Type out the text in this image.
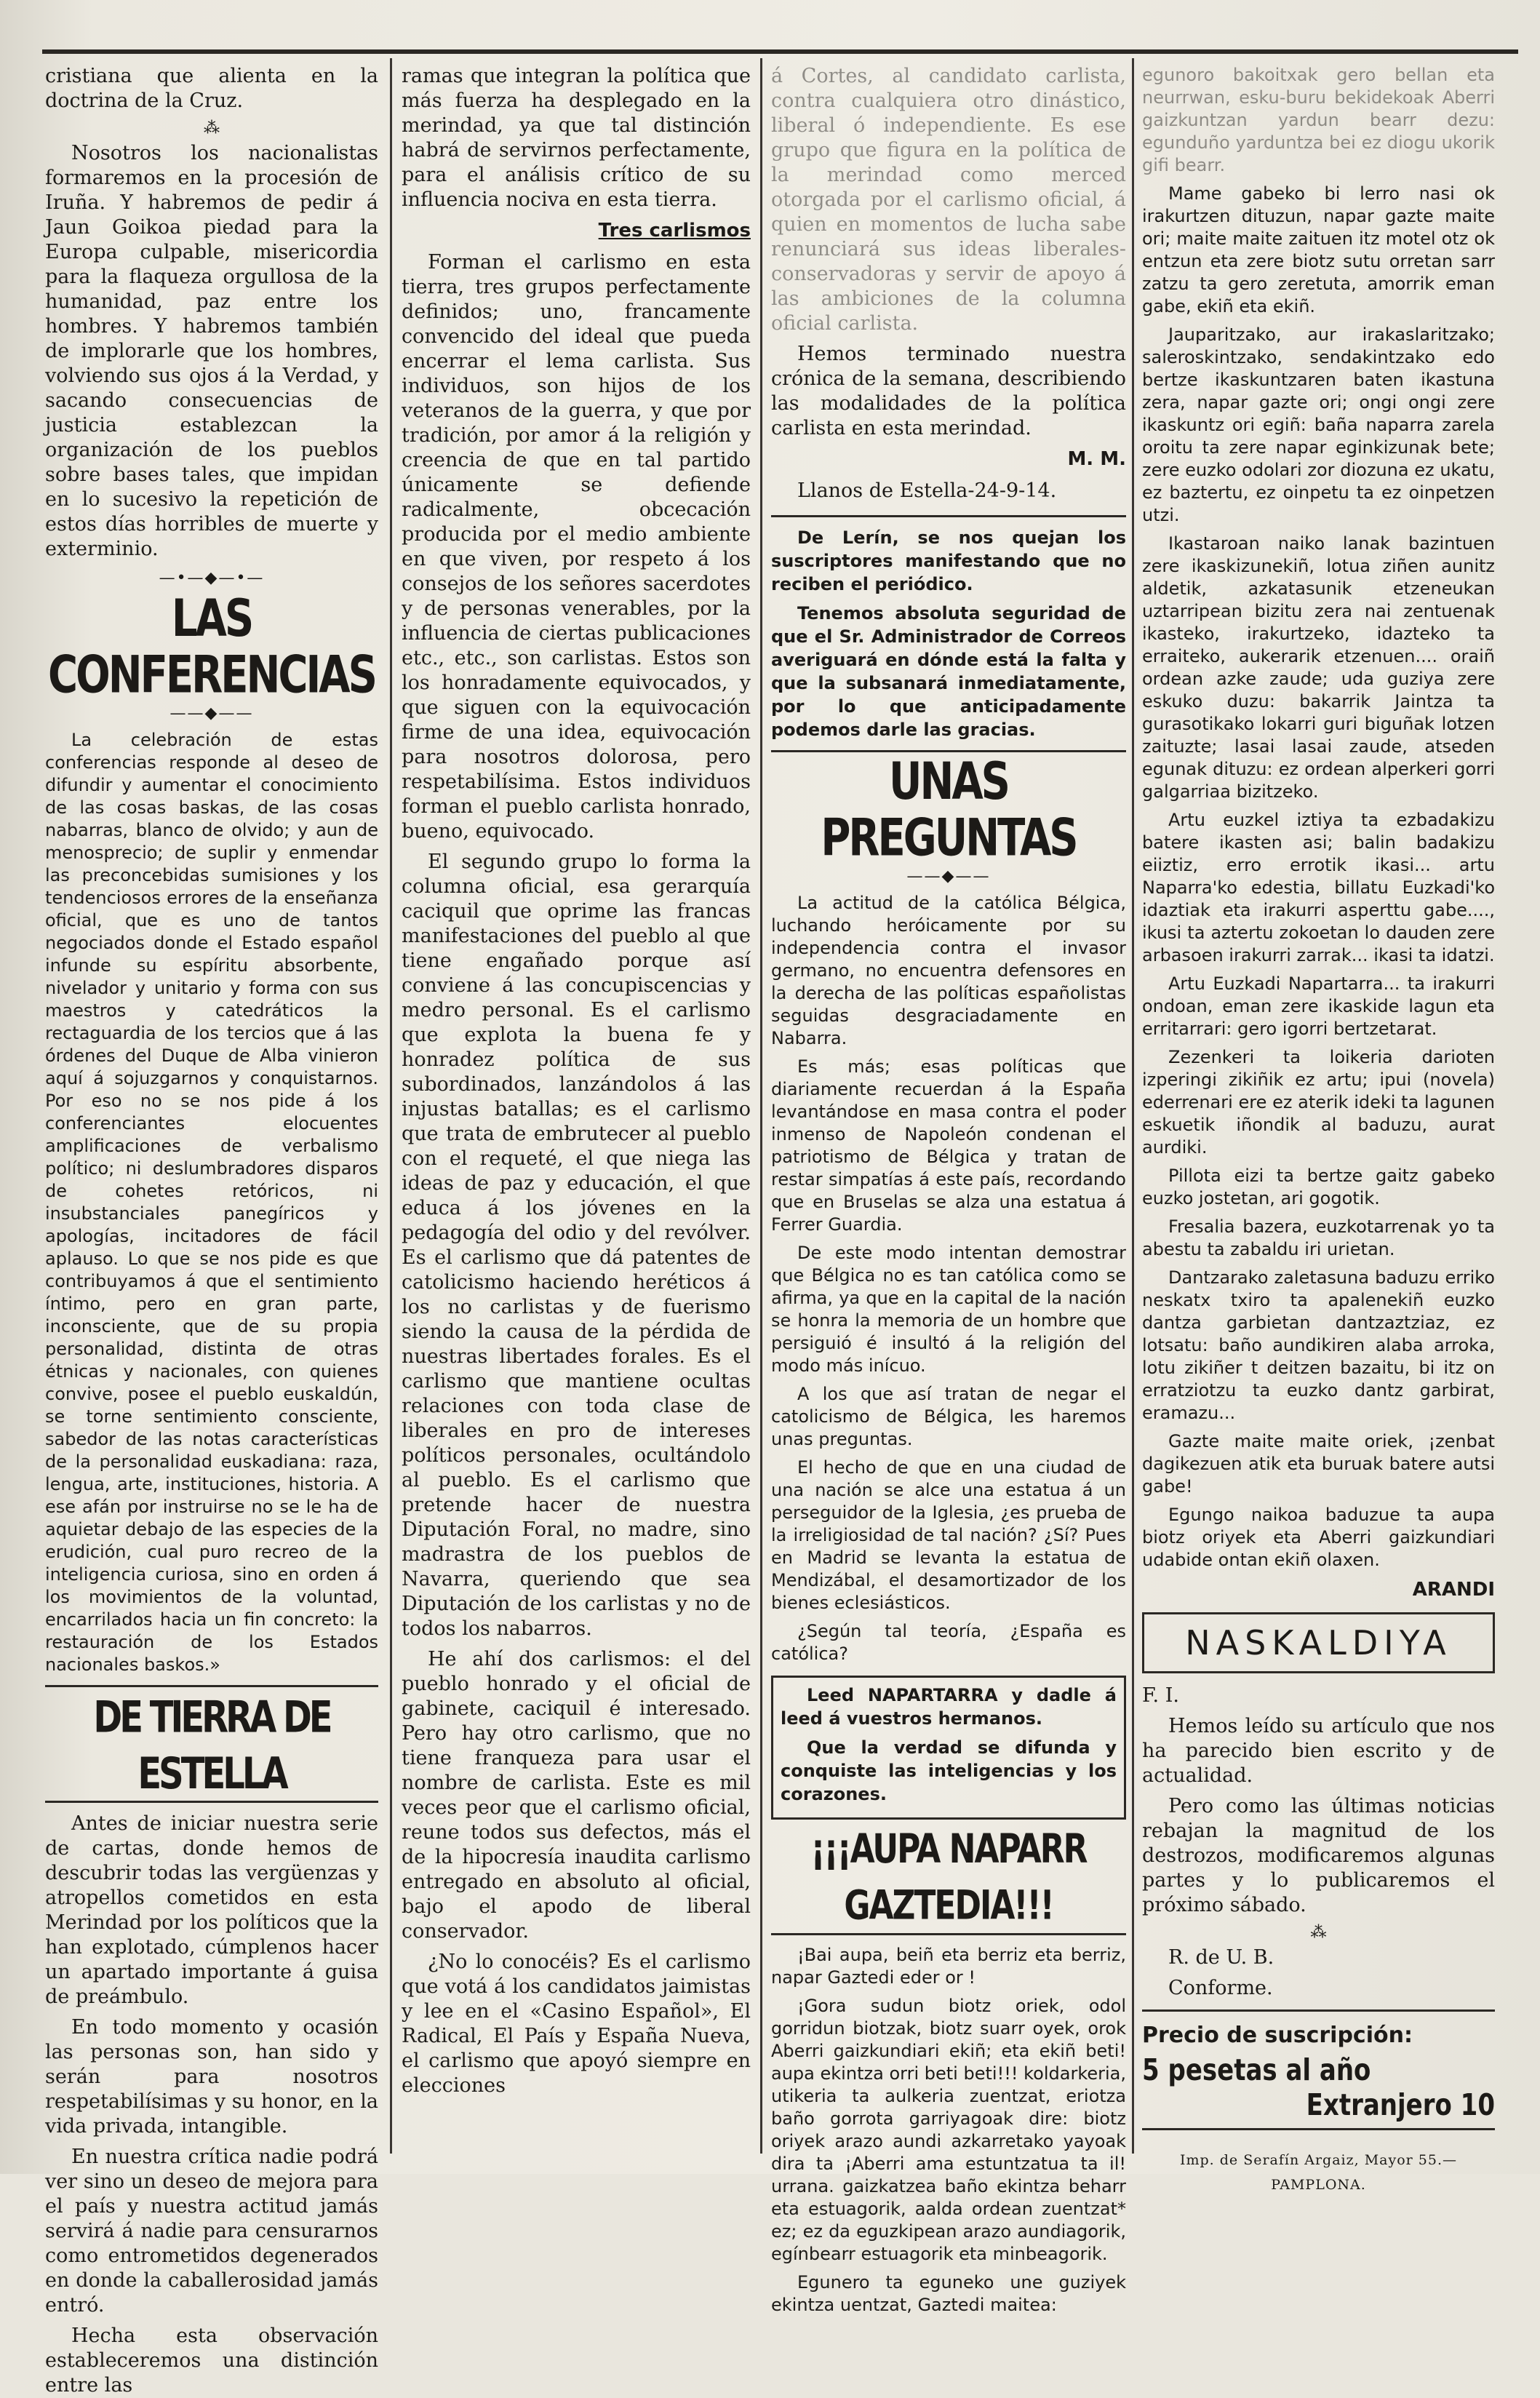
cristiana que alienta en la doctrina de la Cruz.

⁂

Nosotros los nacionalistas formaremos en la procesión de Iruña. Y habremos de pedir á Jaun Goikoa piedad para la Europa culpable, misericordia para la flaqueza orgullosa de la humanidad, paz entre los hombres. Y habremos también de implorarle que los hombres, volviendo sus ojos á la Verdad, y sacando consecuencias de justicia establezcan la organización de los pueblos sobre bases tales, que impidan en lo sucesivo la repetición de estos días horribles de muerte y exterminio.

—•—◆—•—
LAS CONFERENCIAS
——◆——

La celebración de estas conferencias responde al deseo de difundir y aumentar el conocimiento de las cosas baskas, de las cosas nabarras, blanco de olvido; y aun de menosprecio; de suplir y enmendar las preconcebidas sumisiones y los tendenciosos errores de la enseñanza oficial, que es uno de tantos negociados donde el Estado español infunde su espíritu absorbente, nivelador y unitario y forma con sus maestros y catedráticos la rectaguardia de los tercios que á las órdenes del Duque de Alba vinieron aquí á sojuzgarnos y conquistarnos. Por eso no se nos pide á los conferenciantes elocuentes amplificaciones de verbalismo político; ni deslumbradores disparos de cohetes retóricos, ni insubstanciales panegíricos y apologías, incitadores de fácil aplauso. Lo que se nos pide es que contribuyamos á que el sentimiento íntimo, pero en gran parte, inconsciente, que de su propia personalidad, distinta de otras étnicas y nacionales, con quienes convive, posee el pueblo euskaldún, se torne sentimiento consciente, sabedor de las notas características de la personalidad euskadiana: raza, lengua, arte, instituciones, historia. A ese afán por instruirse no se le ha de aquietar debajo de las especies de la erudición, cual puro recreo de la inteligencia curiosa, sino en orden á los movimientos de la voluntad, encarrilados hacia un fin concreto: la restauración de los Estados nacionales baskos.»

DE TIERRA DE ESTELLA

Antes de iniciar nuestra serie de cartas, donde hemos de descubrir todas las vergüenzas y atropellos cometidos en esta Merindad por los políticos que la han explotado, cúmplenos hacer un apartado importante á guisa de preámbulo.

En todo momento y ocasión las personas son, han sido y serán para nosotros respetabilísimas y su honor, en la vida privada, intangible.

En nuestra crítica nadie podrá ver sino un deseo de mejora para el país y nuestra actitud jamás servirá á nadie para censurarnos como entrometidos degenerados en donde la caballerosidad jamás entró.

Hecha esta observación estableceremos una distinción entre las

ramas que integran la política que más fuerza ha desplegado en la merindad, ya que tal distinción habrá de servirnos perfectamente, para el análisis crítico de su influencia nociva en esta tierra.

Tres carlismos

Forman el carlismo en esta tierra, tres grupos perfectamente definidos; uno, francamente convencido del ideal que pueda encerrar el lema carlista. Sus individuos, son hijos de los veteranos de la guerra, y que por tradición, por amor á la religión y creencia de que en tal partido únicamente se defiende radicalmente, obcecación producida por el medio ambiente en que viven, por respeto á los consejos de los señores sacerdotes y de personas venerables, por la influencia de ciertas publicaciones etc., etc., son carlistas. Estos son los honradamente equivocados, y que siguen con la equivocación firme de una idea, equivocación para nosotros dolorosa, pero respetabilísima. Estos individuos forman el pueblo carlista honrado, bueno, equivocado.

El segundo grupo lo forma la columna oficial, esa gerarquía caciquil que oprime las francas manifestaciones del pueblo al que tiene engañado porque así conviene á las concupiscencias y medro personal. Es el carlismo que explota la buena fe y honradez política de sus subordinados, lanzándolos á las injustas batallas; es el carlismo que trata de embrutecer al pueblo con el requeté, el que niega las ideas de paz y educación, el que educa á los jóvenes en la pedagogía del odio y del revólver. Es el carlismo que dá patentes de catolicismo haciendo heréticos á los no carlistas y de fuerismo siendo la causa de la pérdida de nuestras libertades forales. Es el carlismo que mantiene ocultas relaciones con toda clase de liberales en pro de intereses políticos personales, ocultándolo al pueblo. Es el carlismo que pretende hacer de nuestra Diputación Foral, no madre, sino madrastra de los pueblos de Navarra, queriendo que sea Diputación de los carlistas y no de todos los nabarros.

He ahí dos carlismos: el del pueblo honrado y el oficial de gabinete, caciquil é interesado. Pero hay otro carlismo, que no tiene franqueza para usar el nombre de carlista. Este es mil veces peor que el carlismo oficial, reune todos sus defectos, más el de la hipocresía inaudita carlismo entregado en absoluto al oficial, bajo el apodo de liberal conservador.

¿No lo conocéis? Es el carlismo que votá á los candidatos jaimistas y lee en el «Casino Español», El Radical, El País y España Nueva, el carlismo que apoyó siempre en elecciones

á Cortes, al candidato carlista, contra cualquiera otro dinástico, liberal ó independiente. Es ese grupo que figura en la política de la merindad como merced otorgada por el carlismo oficial, á quien en momentos de lucha sabe renunciará sus ideas liberales-conservadoras y servir de apoyo á las ambiciones de la columna oficial carlista.

Hemos terminado nuestra crónica de la semana, describiendo las modalidades de la política carlista en esta merindad.

M. M.
Llanos de Estella-24-9-14.

De Lerín, se nos quejan los suscriptores manifestando que no reciben el periódico.

Tenemos absoluta seguridad de que el Sr. Administrador de Correos averiguará en dónde está la falta y que la subsanará inmediatamente, por lo que anticipadamente podemos darle las gracias.

UNAS PREGUNTAS
——◆——

La actitud de la católica Bélgica, luchando heróicamente por su independencia contra el invasor germano, no encuentra defensores en la derecha de las políticas españolistas seguidas desgraciadamente en Nabarra.

Es más; esas políticas que diariamente recuerdan á la España levantándose en masa contra el poder inmenso de Napoleón condenan el patriotismo de Bélgica y tratan de restar simpatías á este país, recordando que en Bruselas se alza una estatua á Ferrer Guardia.

De este modo intentan demostrar que Bélgica no es tan católica como se afirma, ya que en la capital de la nación se honra la memoria de un hombre que persiguió é insultó á la religión del modo más inícuo.

A los que así tratan de negar el catolicismo de Bélgica, les haremos unas preguntas.

El hecho de que en una ciudad de una nación se alce una estatua á un perseguidor de la Iglesia, ¿es prueba de la irreligiosidad de tal nación? ¿Sí? Pues en Madrid se levanta la estatua de Mendizábal, el desamortizador de los bienes eclesiásticos.

¿Según tal teoría, ¿España es católica?

Leed NAPARTARRA y dadle á leed á vuestros hermanos.

Que la verdad se difunda y conquiste las inteligencias y los corazones.

¡¡¡AUPA NAPARR GAZTEDIA!!!

¡Bai aupa, beiñ eta berriz eta berriz, napar Gaztedi eder or !

¡Gora sudun biotz oriek, odol gorridun biotzak, biotz suarr oyek, orok Aberri gaizkundiari ekiñ; eta ekiñ beti! aupa ekintza orri beti beti!!! koldarkeria, utikeria ta aulkeria zuentzat, eriotza baño gorrota garriyagoak dire: biotz oriyek arazo aundi azkarretako yayoak dira ta ¡Aberri ama estuntzatua ta il! urrana. gaizkatzea baño ekintza beharr eta estuagorik, aalda ordean zuentzat* ez; ez da eguzkipean arazo aundiagorik, egínbearr estuagorik eta minbeagorik.

Egunero ta eguneko une guziyek ekintza uentzat, Gaztedi maitea:

egunoro bakoitxak gero bellan eta neurrwan, esku-buru bekidekoak Aberri gaizkuntzan yardun bearr dezu: egunduño yarduntza bei ez diogu ukorik gifi bearr.

Mame gabeko bi lerro nasi ok irakurtzen dituzun, napar gazte maite ori; maite maite zaituen itz motel otz ok entzun eta zere biotz sutu orretan sarr zatzu ta gero zeretuta, amorrik eman gabe, ekiñ eta ekiñ.

Jauparitzako, aur irakaslaritzako; saleroskintzako, sendakintzako edo bertze ikaskuntzaren baten ikastuna zera, napar gazte ori; ongi ongi zere ikaskuntz ori egiñ: baña naparra zarela oroitu ta zere napar eginkizunak bete; zere euzko odolari zor diozuna ez ukatu, ez baztertu, ez oinpetu ta ez oinpetzen utzi.

Ikastaroan naiko lanak bazintuen zere ikaskizunekiñ, lotua ziñen aunitz aldetik, azkatasunik etzeneukan uztarripean bizitu zera nai zentuenak ikasteko, irakurtzeko, idazteko ta erraiteko, aukerarik etzenuen.... oraiñ ordean azke zaude; uda guziya zere eskuko duzu: bakarrik Jaintza ta gurasotikako lokarri guri biguñak lotzen zaituzte; lasai lasai zaude, atseden egunak dituzu: ez ordean alperkeri gorri galgarriaa bizitzeko.

Artu euzkel iztiya ta ezbadakizu batere ikasten asi; balin badakizu eiiztiz, erro errotik ikasi... artu Naparra'ko edestia, billatu Euzkadi'ko idaztiak eta irakurri asperttu gabe...., ikusi ta aztertu zokoetan lo dauden zere arbasoen irakurri zarrak... ikasi ta idatzi.

Artu Euzkadi Napartarra... ta irakurri ondoan, eman zere ikaskide lagun eta erritarrari: gero igorri bertzetarat.

Zezenkeri ta loikeria darioten izperingi zikiñik ez artu; ipui (novela) ederrenari ere ez aterik ideki ta lagunen eskuetik iñondik al baduzu, aurat aurdiki.

Pillota eizi ta bertze gaitz gabeko euzko jostetan, ari gogotik.

Fresalia bazera, euzkotarrenak yo ta abestu ta zabaldu iri urietan.

Dantzarako zaletasuna baduzu erriko neskatx txiro ta apalenekiñ euzko dantza garbietan dantzaztziaz, ez lotsatu: baño aundikiren alaba arroka, lotu zikiñer t deitzen bazaitu, bi itz on erratziotzu ta euzko dantz garbirat, eramazu...

Gazte maite maite oriek, ¡zenbat dagikezuen atik eta buruak batere autsi gabe!

Egungo naikoa baduzue ta aupa biotz oriyek eta Aberri gaizkundiari udabide ontan ekiñ olaxen.

ARANDI
NASKALDIYA

F. I.

Hemos leído su artículo que nos ha parecido bien escrito y de actualidad.

Pero como las últimas noticias rebajan la magnitud de los destrozos, modificaremos algunas partes y lo publicaremos el próximo sábado.

⁂

R. de U. B.

Conforme.

Precio de suscripción:
5 pesetas al año
Extranjero 10
Imp. de Serafín Argaiz, Mayor 55.—PAMPLONA.
